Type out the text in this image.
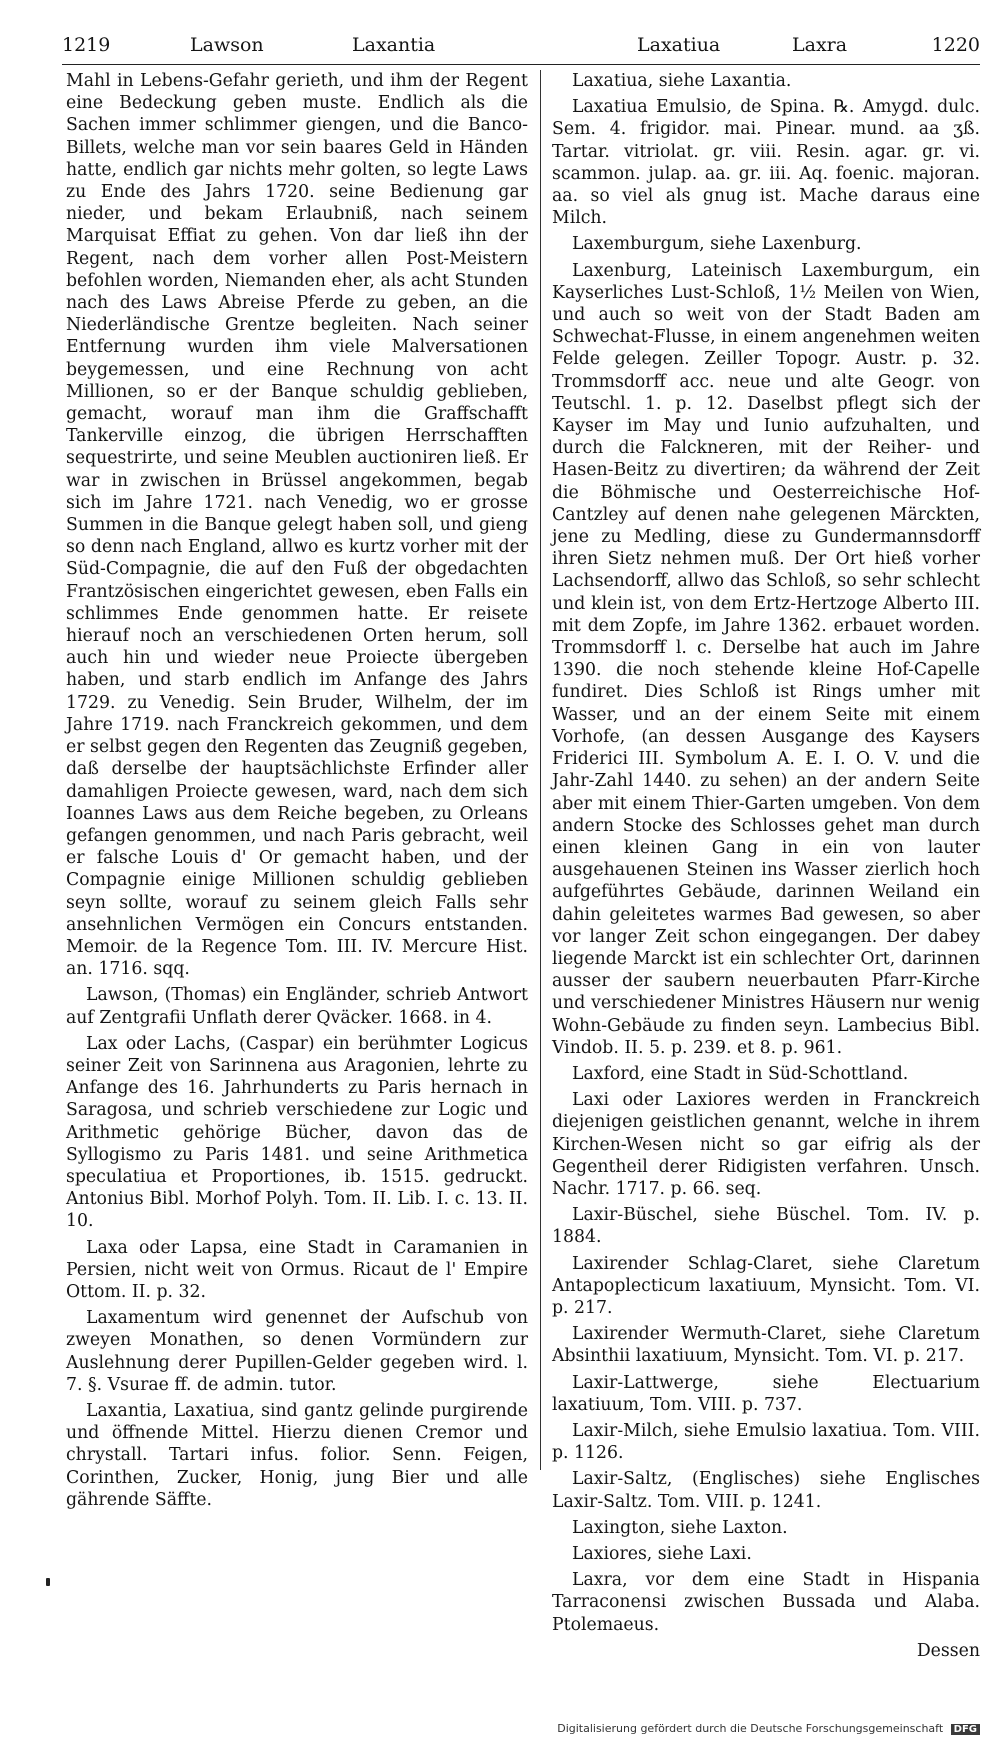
1219	Lawson	Laxantia	Laxatiua	Laxra	1220

Mahl in Lebens-Gefahr gerieth, und ihm der Regent eine Bedeckung geben muste. Endlich als die Sachen immer schlimmer giengen, und die Banco-Billets, welche man vor sein baares Geld in Händen hatte, endlich gar nichts mehr golten, so legte Laws zu Ende des Jahrs 1720. seine Bedienung gar nieder, und bekam Erlaubniß, nach seinem Marquisat Effiat zu gehen. Von dar ließ ihn der Regent, nach dem vorher allen Post-Meistern befohlen worden, Niemanden eher, als acht Stunden nach des Laws Abreise Pferde zu geben, an die Niederländische Grentze begleiten. Nach seiner Entfernung wurden ihm viele Malversationen beygemessen, und eine Rechnung von acht Millionen, so er der Banque schuldig geblieben, gemacht, worauf man ihm die Graffschafft Tankerville einzog, die übrigen Herrschafften sequestrirte, und seine Meublen auctioniren ließ. Er war in zwischen in Brüssel angekommen, begab sich im Jahre 1721. nach Venedig, wo er grosse Summen in die Banque gelegt haben soll, und gieng so denn nach England, allwo es kurtz vorher mit der Süd-Compagnie, die auf den Fuß der obgedachten Frantzösischen eingerichtet gewesen, eben Falls ein schlimmes Ende genommen hatte. Er reisete hierauf noch an verschiedenen Orten herum, soll auch hin und wieder neue Proiecte übergeben haben, und starb endlich im Anfange des Jahrs 1729. zu Venedig. Sein Bruder, Wilhelm, der im Jahre 1719. nach Franckreich gekommen, und dem er selbst gegen den Regenten das Zeugniß gegeben, daß derselbe der hauptsächlichste Erfinder aller damahligen Proiecte gewesen, ward, nach dem sich Ioannes Laws aus dem Reiche begeben, zu Orleans gefangen genommen, und nach Paris gebracht, weil er falsche Louis d' Or gemacht haben, und der Compagnie einige Millionen schuldig geblieben seyn sollte, worauf zu seinem gleich Falls sehr ansehnlichen Vermögen ein Concurs entstanden. Memoir. de la Regence Tom. III. IV. Mercure Hist. an. 1716. sqq.

Lawson, (Thomas) ein Engländer, schrieb Antwort auf Zentgrafii Unflath derer Qväcker. 1668. in 4.

Lax oder Lachs, (Caspar) ein berühmter Logicus seiner Zeit von Sarinnena aus Aragonien, lehrte zu Anfange des 16. Jahrhunderts zu Paris hernach in Saragosa, und schrieb verschiedene zur Logic und Arithmetic gehörige Bücher, davon das de Syllogismo zu Paris 1481. und seine Arithmetica speculatiua et Proportiones, ib. 1515. gedruckt. Antonius Bibl. Morhof Polyh. Tom. II. Lib. I. c. 13. II. 10.

Laxa oder Lapsa, eine Stadt in Caramanien in Persien, nicht weit von Ormus. Ricaut de l' Empire Ottom. II. p. 32.

Laxamentum wird genennet der Aufschub von zweyen Monathen, so denen Vormündern zur Auslehnung derer Pupillen-Gelder gegeben wird. l. 7. §. Vsurae ff. de admin. tutor.

Laxantia, Laxatiua, sind gantz gelinde purgirende und öffnende Mittel. Hierzu dienen Cremor und chrystall. Tartari infus. folior. Senn. Feigen, Corinthen, Zucker, Honig, jung Bier und alle gährende Säffte.

Laxatiua, siehe Laxantia.

Laxatiua Emulsio, de Spina. ℞. Amygd. dulc. Sem. 4. frigidor. mai. Pinear. mund. aa ʒß. Tartar. vitriolat. gr. viii. Resin. agar. gr. vi. scammon. julap. aa. gr. iii. Aq. foenic. majoran. aa. so viel als gnug ist. Mache daraus eine Milch.

Laxemburgum, siehe Laxenburg.

Laxenburg, Lateinisch Laxemburgum, ein Kayserliches Lust-Schloß, 1½ Meilen von Wien, und auch so weit von der Stadt Baden am Schwechat-Flusse, in einem angenehmen weiten Felde gelegen. Zeiller Topogr. Austr. p. 32. Trommsdorff acc. neue und alte Geogr. von Teutschl. 1. p. 12. Daselbst pflegt sich der Kayser im May und Iunio aufzuhalten, und durch die Falckneren, mit der Reiher- und Hasen-Beitz zu divertiren; da während der Zeit die Böhmische und Oesterreichische Hof-Cantzley auf denen nahe gelegenen Märckten, jene zu Medling, diese zu Gundermannsdorff ihren Sietz nehmen muß. Der Ort hieß vorher Lachsendorff, allwo das Schloß, so sehr schlecht und klein ist, von dem Ertz-Hertzoge Alberto III. mit dem Zopfe, im Jahre 1362. erbauet worden. Trommsdorff l. c. Derselbe hat auch im Jahre 1390. die noch stehende kleine Hof-Capelle fundiret. Dies Schloß ist Rings umher mit Wasser, und an der einem Seite mit einem Vorhofe, (an dessen Ausgange des Kaysers Friderici III. Symbolum A. E. I. O. V. und die Jahr-Zahl 1440. zu sehen) an der andern Seite aber mit einem Thier-Garten umgeben. Von dem andern Stocke des Schlosses gehet man durch einen kleinen Gang in ein von lauter ausgehauenen Steinen ins Wasser zierlich hoch aufgeführtes Gebäude, darinnen Weiland ein dahin geleitetes warmes Bad gewesen, so aber vor langer Zeit schon eingegangen. Der dabey liegende Marckt ist ein schlechter Ort, darinnen ausser der saubern neuerbauten Pfarr-Kirche und verschiedener Ministres Häusern nur wenig Wohn-Gebäude zu finden seyn. Lambecius Bibl. Vindob. II. 5. p. 239. et 8. p. 961.

Laxford, eine Stadt in Süd-Schottland.

Laxi oder Laxiores werden in Franckreich diejenigen geistlichen genannt, welche in ihrem Kirchen-Wesen nicht so gar eifrig als der Gegentheil derer Ridigisten verfahren. Unsch. Nachr. 1717. p. 66. seq.

Laxir-Büschel, siehe Büschel. Tom. IV. p. 1884.

Laxirender Schlag-Claret, siehe Claretum Antapoplecticum laxatiuum, Mynsicht. Tom. VI. p. 217.

Laxirender Wermuth-Claret, siehe Claretum Absinthii laxatiuum, Mynsicht. Tom. VI. p. 217.

Laxir-Lattwerge, siehe Electuarium laxatiuum, Tom. VIII. p. 737.

Laxir-Milch, siehe Emulsio laxatiua. Tom. VIII. p. 1126.

Laxir-Saltz, (Englisches) siehe Englisches Laxir-Saltz. Tom. VIII. p. 1241.

Laxington, siehe Laxton.

Laxiores, siehe Laxi.

Laxra, vor dem eine Stadt in Hispania Tarraconensi zwischen Bussada und Alaba. Ptolemaeus.

Dessen

Digitalisierung gefördert durch die Deutsche Forschungsgemeinschaft DFG
